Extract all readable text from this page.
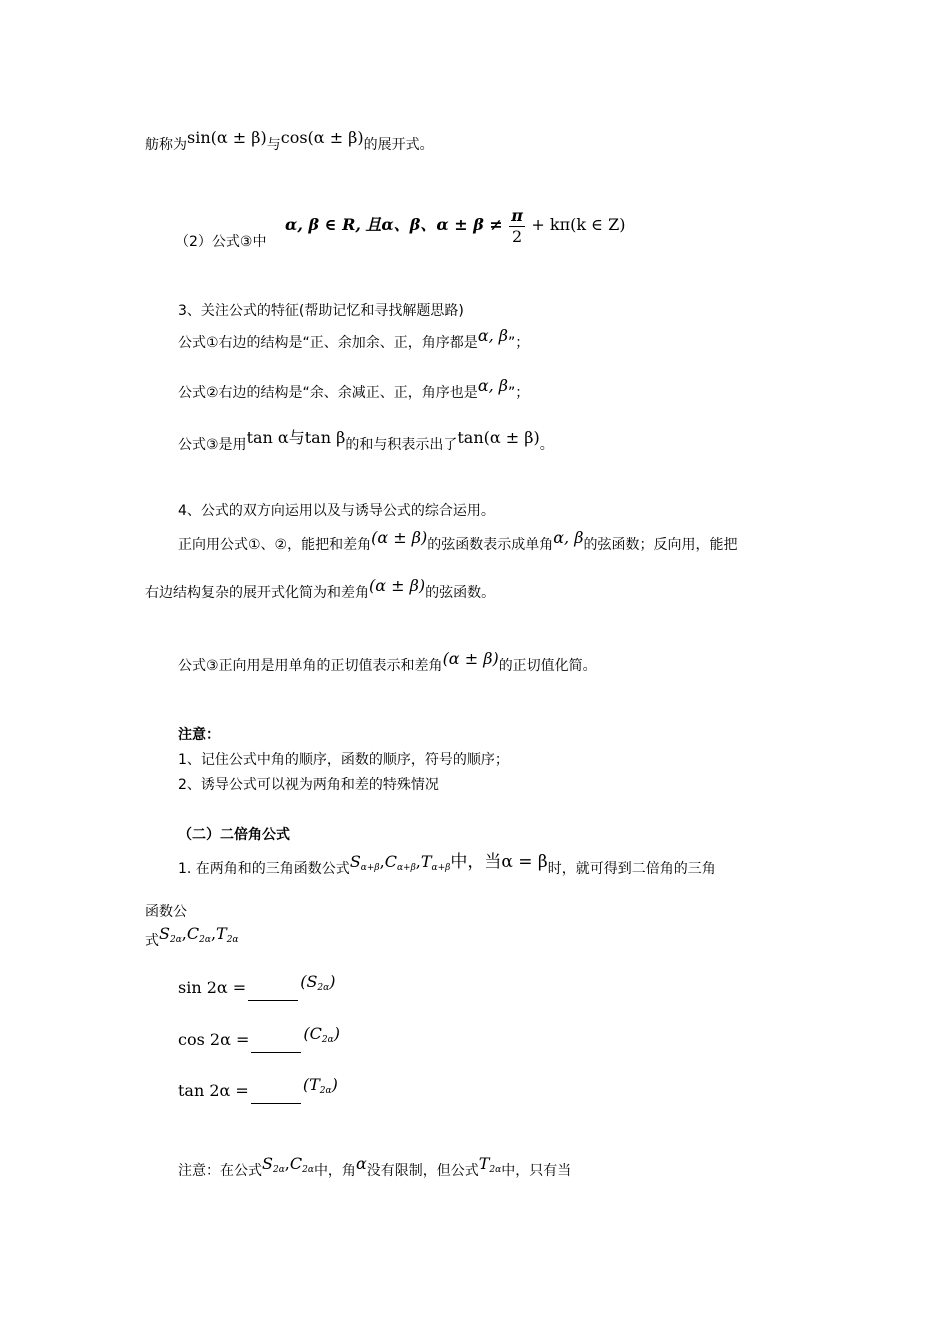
舫称为sin(α ± β)与cos(α ± β)的展开式。
（2）公式③中
α, β ∈ R, 且α、β、$\alpha \pm \beta \ne \frac{\pi}{2} + k\pi(k$ ∈ Z)
3、关注公式的特征(帮助记忆和寻找解题思路)
公式①右边的结构是“正、余加余、正，角序都是α, β”；
公式②右边的结构是“余、余减正、正，角序也是α, β”；
公式③是用tan α与tan β的和与积表示出了tan(α ± β)。
4、公式的双方向运用以及与诱导公式的综合运用。
正向用公式①、②，能把和差角(α ± β)的弦函数表示成单角α, β的弦函数；反向用，能把
右边结构复杂的展开式化简为和差角(α ± β)的弦函数。
公式③正向用是用单角的正切值表示和差角(α ± β)的正切值化简。
注意：
1、记住公式中角的顺序，函数的顺序，符号的顺序；
2、诱导公式可以视为两角和差的特殊情况
（二）二倍角公式
1. 在两角和的三角函数公式$S_{\alpha+\beta},C_{\alpha+\beta},T_{\alpha+\beta}$中，当α = β时，就可得到二倍角的三角
函数公
式$S_{2\alpha},C_{2\alpha},T_{2\alpha}$
sin 2α =	$(S_{2\alpha})$
cos 2α =	$(C_{2\alpha})$
tan 2α =	$(T_{2\alpha})$
注意：在公式$S_{2\alpha},C_{2\alpha}$中，角α没有限制，但公式$T_{2\alpha}$中，只有当
